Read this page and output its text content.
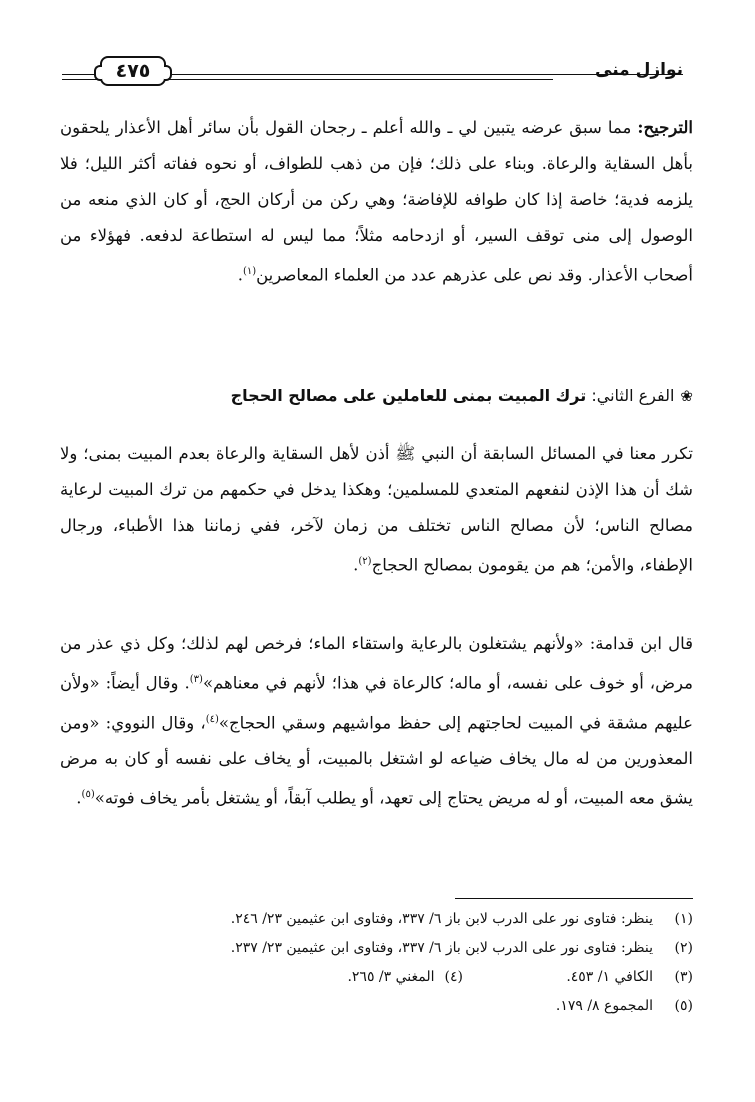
نوازل منى
٤٧٥
الترجيح: مما سبق عرضه يتبين لي ـ والله أعلم ـ رجحان القول بأن سائر أهل الأعذار يلحقون بأهل السقاية والرعاة. وبناء على ذلك؛ فإن من ذهب للطواف، أو نحوه ففاته أكثر الليل؛ فلا يلزمه فدية؛ خاصة إذا كان طوافه للإفاضة؛ وهي ركن من أركان الحج، أو كان الذي منعه من الوصول إلى منى توقف السير، أو ازدحامه مثلاً؛ مما ليس له استطاعة لدفعه. فهؤلاء من أصحاب الأعذار. وقد نص على عذرهم عدد من العلماء المعاصرين$^{(١)}$.
❀الفرع الثاني: ترك المبيت بمنى للعاملين على مصالح الحجاج
تكرر معنا في المسائل السابقة أن النبي ﷺ أذن لأهل السقاية والرعاة بعدم المبيت بمنى؛ ولا شك أن هذا الإذن لنفعهم المتعدي للمسلمين؛ وهكذا يدخل في حكمهم من ترك المبيت لرعاية مصالح الناس؛ لأن مصالح الناس تختلف من زمان لآخر، ففي زماننا هذا الأطباء، ورجال الإطفاء، والأمن؛ هم من يقومون بمصالح الحجاج$^{(٢)}$.
قال ابن قدامة: «ولأنهم يشتغلون بالرعاية واستقاء الماء؛ فرخص لهم لذلك؛ وكل ذي عذر من مرض، أو خوف على نفسه، أو ماله؛ كالرعاة في هذا؛ لأنهم في معناهم»$^{(٣)}$. وقال أيضاً: «ولأن عليهم مشقة في المبيت لحاجتهم إلى حفظ مواشيهم وسقي الحجاج»$^{(٤)}$، وقال النووي: «ومن المعذورين من له مال يخاف ضياعه لو اشتغل بالمبيت، أو يخاف على نفسه أو كان به مرض يشق معه المبيت، أو له مريض يحتاج إلى تعهد، أو يطلب آبقاً، أو يشتغل بأمر يخاف فوته»$^{(٥)}$.
(١)
ينظر: فتاوى نور على الدرب لابن باز ٦/ ٣٣٧، وفتاوى ابن عثيمين ٢٣/ ٢٤٦.
(٢)
ينظر: فتاوى نور على الدرب لابن باز ٦/ ٣٣٧، وفتاوى ابن عثيمين ٢٣/ ٢٣٧.
(٣)
الكافي ١/ ٤٥٣.
(٤)
المغني ٣/ ٢٦٥.
(٥)
المجموع ٨/ ١٧٩.
